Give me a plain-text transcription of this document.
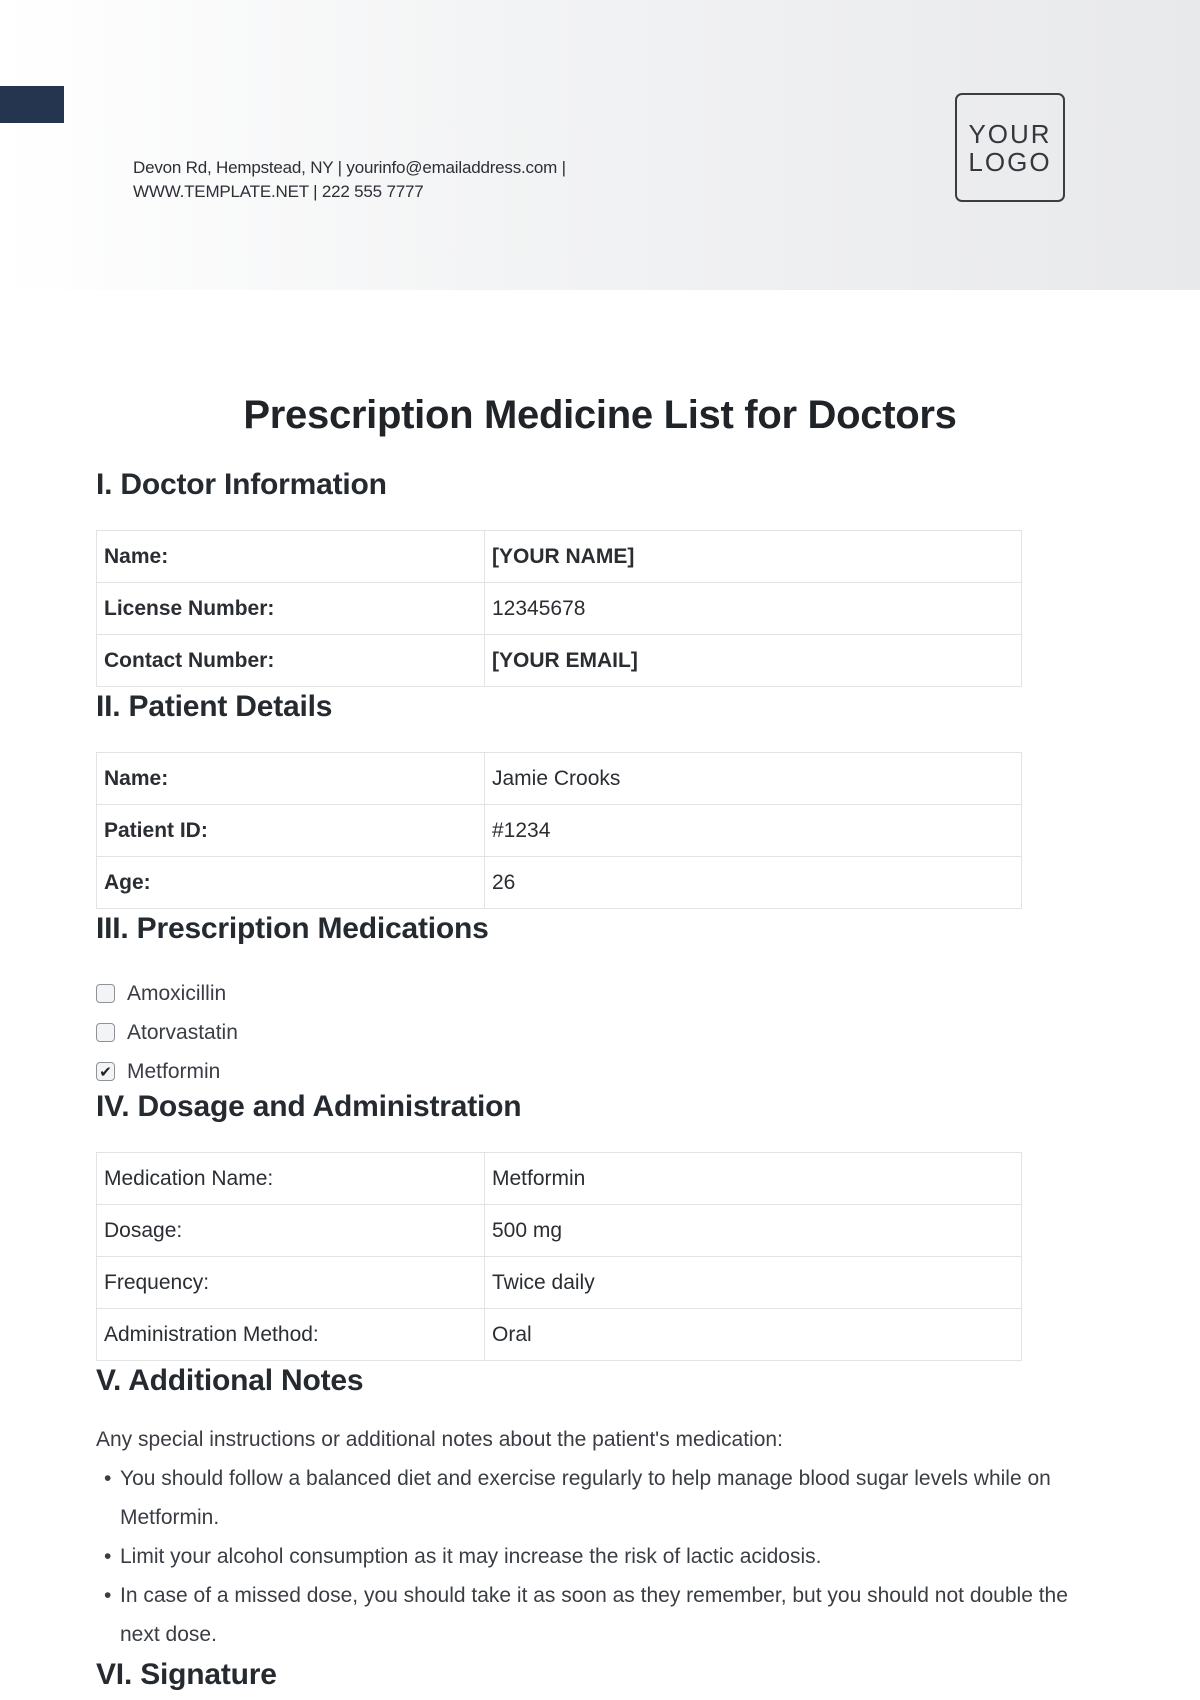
Devon Rd, Hempstead, NY | yourinfo@emailaddress.com |
WWW.TEMPLATE.NET | 222 555 7777
YOUR
LOGO
Prescription Medicine List for Doctors
I. Doctor Information
Name:	[YOUR NAME]
License Number:	12345678
Contact Number:	[YOUR EMAIL]
II. Patient Details
Name:	Jamie Crooks
Patient ID:	#1234
Age:	26
III. Prescription Medications
Amoxicillin
Atorvastatin
✔ Metformin
IV. Dosage and Administration
Medication Name:	Metformin
Dosage:	500 mg
Frequency:	Twice daily
Administration Method:	Oral
V. Additional Notes

Any special instructions or additional notes about the patient's medication:

• You should follow a balanced diet and exercise regularly to help manage blood sugar levels while on Metformin.
• Limit your alcohol consumption as it may increase the risk of lactic acidosis.
• In case of a missed dose, you should take it as soon as they remember, but you should not double the next dose.
VI. Signature
